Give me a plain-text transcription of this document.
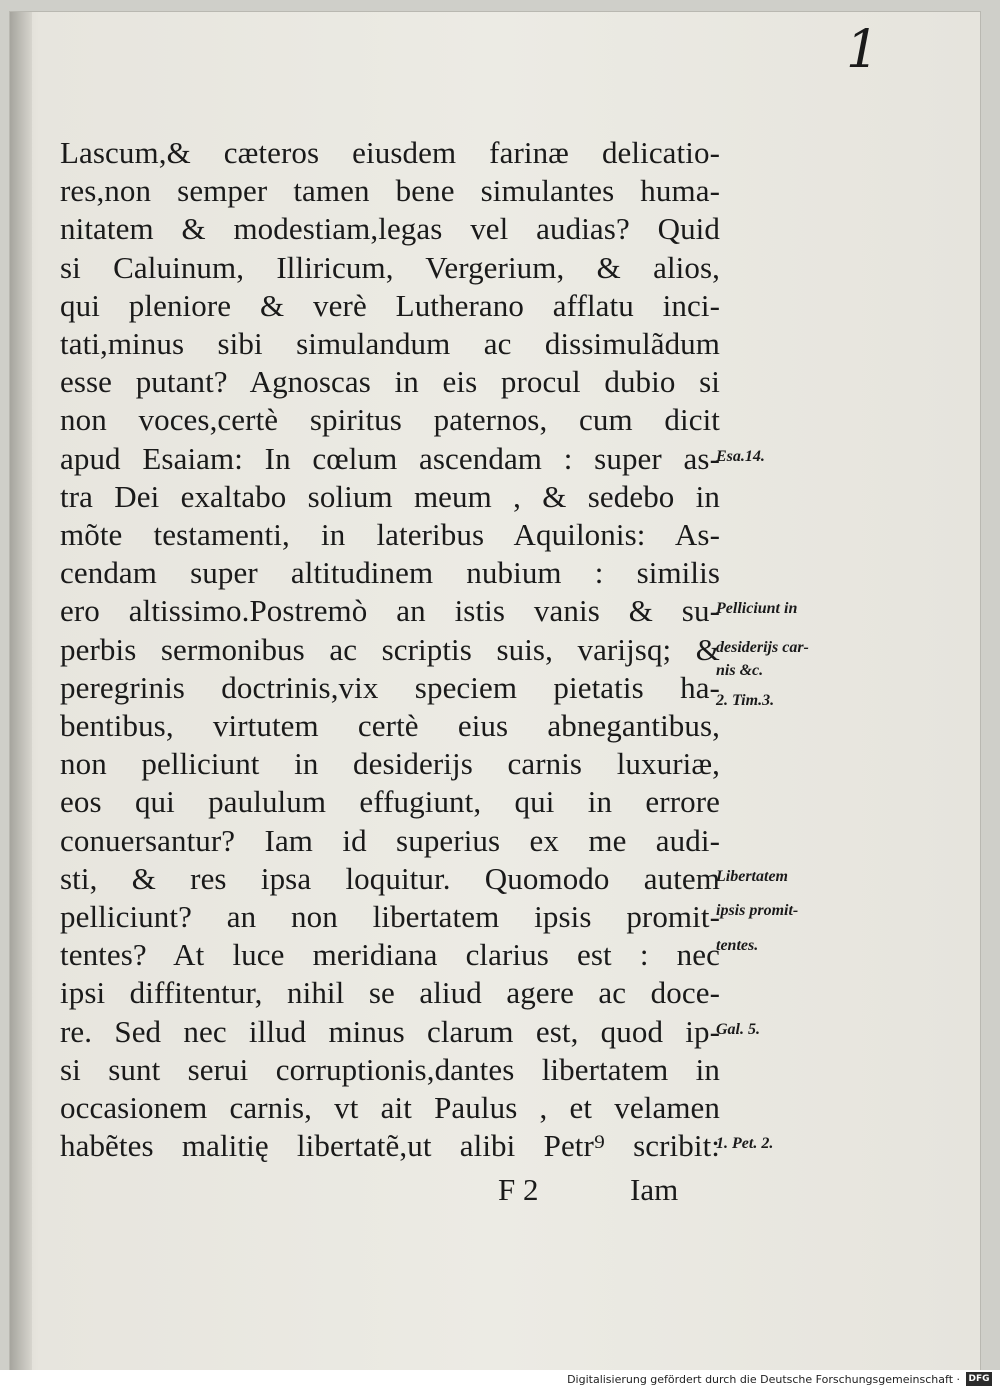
1
Lascum,& cæteros eiusdem farinæ delicatio-
res,non semper tamen bene simulantes huma-
nitatem & modestiam,legas vel audias? Quid
si Caluinum, Illiricum, Vergerium, & alios,
qui pleniore & verè Lutherano afflatu inci-
tati,minus sibi simulandum ac dissimulãdum
esse putant? Agnoscas in eis procul dubio si
non voces,certè spiritus paternos, cum dicit
apud Esaiam: In cœlum ascendam : super as-
tra Dei exaltabo solium meum , & sedebo in
mõte testamenti, in lateribus Aquilonis: As-
cendam super altitudinem nubium : similis
ero altissimo.Postremò an istis vanis & su-
perbis sermonibus ac scriptis suis, varijsq; &
peregrinis doctrinis,vix speciem pietatis ha-
bentibus, virtutem certè eius abnegantibus,
non pelliciunt in desiderijs carnis luxuriæ,
eos qui paululum effugiunt, qui in errore
conuersantur? Iam id superius ex me audi-
sti, & res ipsa loquitur. Quomodo autem
pelliciunt? an non libertatem ipsis promit-
tentes? At luce meridiana clarius est : nec
ipsi diffitentur, nihil se aliud agere ac doce-
re. Sed nec illud minus clarum est, quod ip-
si sunt serui corruptionis,dantes libertatem in
occasionem carnis, vt ait Paulus , et velamen
habẽtes malitię libertatẽ,ut alibi Petr⁹ scribit:
Esa.14.
Pelliciunt in
desiderijs car-
nis &c.
2. Tim.3.
Libertatem
ipsis promit-
tentes.
Gal. 5.
1. Pet. 2.
F 2	Iam
Digitalisierung gefördert durch die Deutsche Forschungsgemeinschaft · DFG
